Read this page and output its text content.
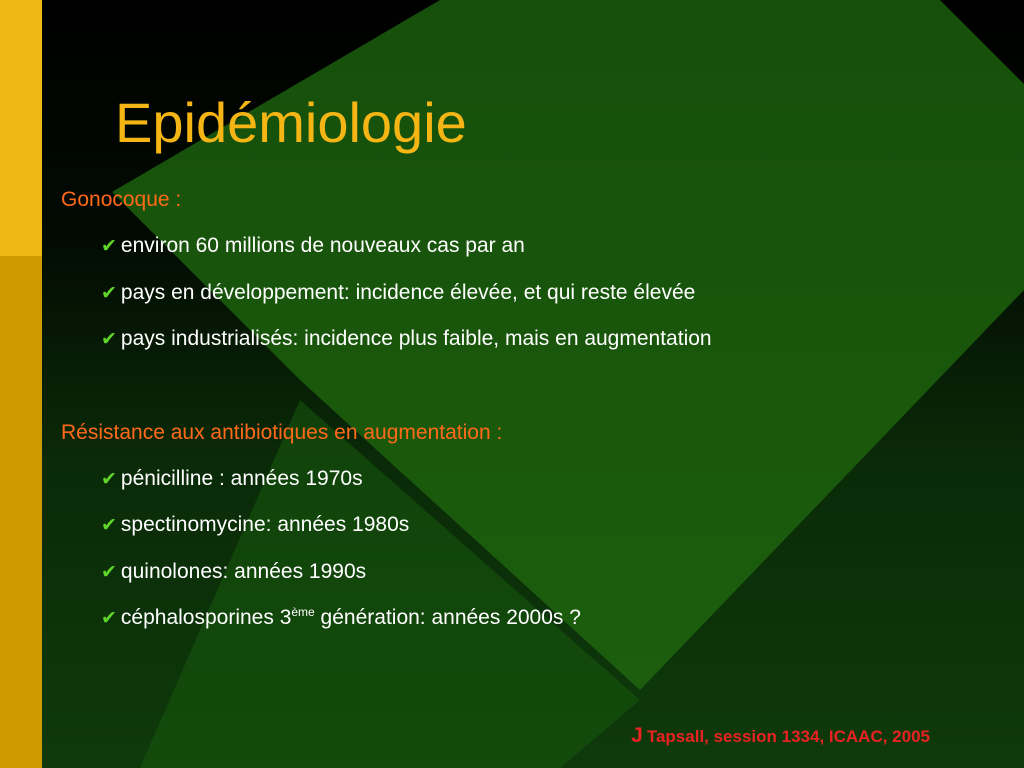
Epidémiologie
Gonocoque :
✔ environ 60 millions de nouveaux cas par an
✔ pays en développement: incidence élevée, et qui reste élevée
✔ pays industrialisés: incidence plus faible, mais en augmentation
Résistance aux antibiotiques en augmentation :
✔ pénicilline : années 1970s
✔ spectinomycine: années 1980s
✔ quinolones: années 1990s
✔ céphalosporines 3ème génération: années 2000s ?
J Tapsall, session 1334, ICAAC, 2005
